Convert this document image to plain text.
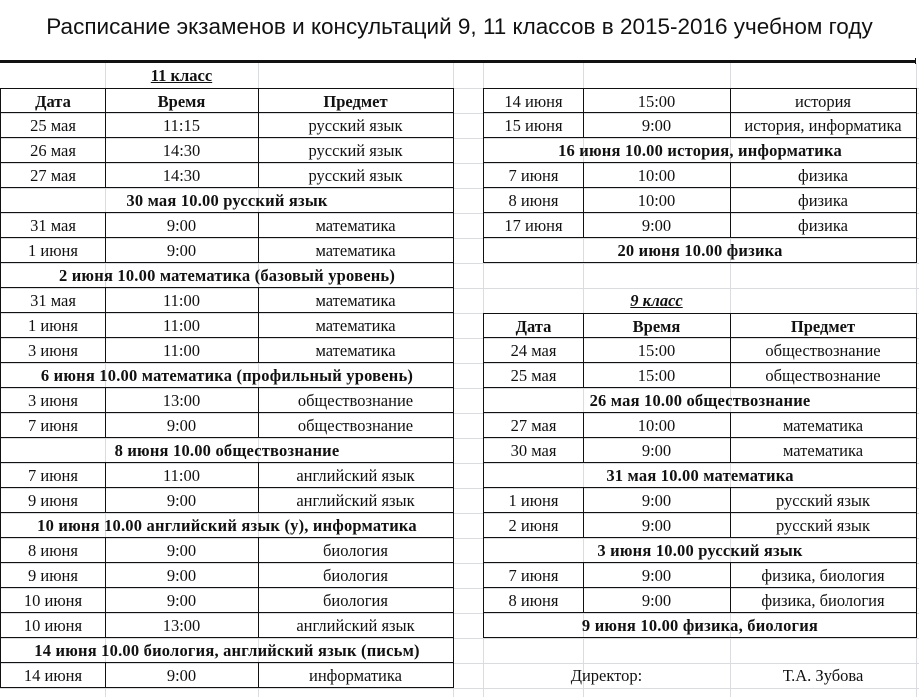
Расписание экзаменов и консультаций 9, 11 классов в 2015-2016 учебном году
11 класс
Дата	Время	Предмет
25 мая	11:15	русский язык
26 мая	14:30	русский язык
27 мая	14:30	русский язык
30 мая 10.00 русский язык
31 мая	9:00	математика
1 июня	9:00	математика
2 июня 10.00 математика (базовый уровень)
31 мая	11:00	математика
1 июня	11:00	математика
3 июня	11:00	математика
6 июня 10.00 математика (профильный уровень)
3 июня	13:00	обществознание
7 июня	9:00	обществознание
8 июня 10.00 обществознание
7 июня	11:00	английский язык
9 июня	9:00	английский язык
10 июня 10.00 английский язык (у), информатика
8 июня	9:00	биология
9 июня	9:00	биология
10 июня	9:00	биология
10 июня	13:00	английский язык
14 июня 10.00 биология, английский язык (письм)
14 июня	9:00	информатика
14 июня	15:00	история
15 июня	9:00	история, информатика
16 июня 10.00 история, информатика
7 июня	10:00	физика
8 июня	10:00	физика
17 июня	9:00	физика
20 июня 10.00 физика
9 класс
Дата	Время	Предмет
24 мая	15:00	обществознание
25 мая	15:00	обществознание
26 мая 10.00 обществознание
27 мая	10:00	математика
30 мая	9:00	математика
31 мая 10.00 математика
1 июня	9:00	русский язык
2 июня	9:00	русский язык
3 июня 10.00 русский язык
7 июня	9:00	физика, биология
8 июня	9:00	физика, биология
9 июня 10.00 физика, биология
Директор:	Т.А. Зубова
